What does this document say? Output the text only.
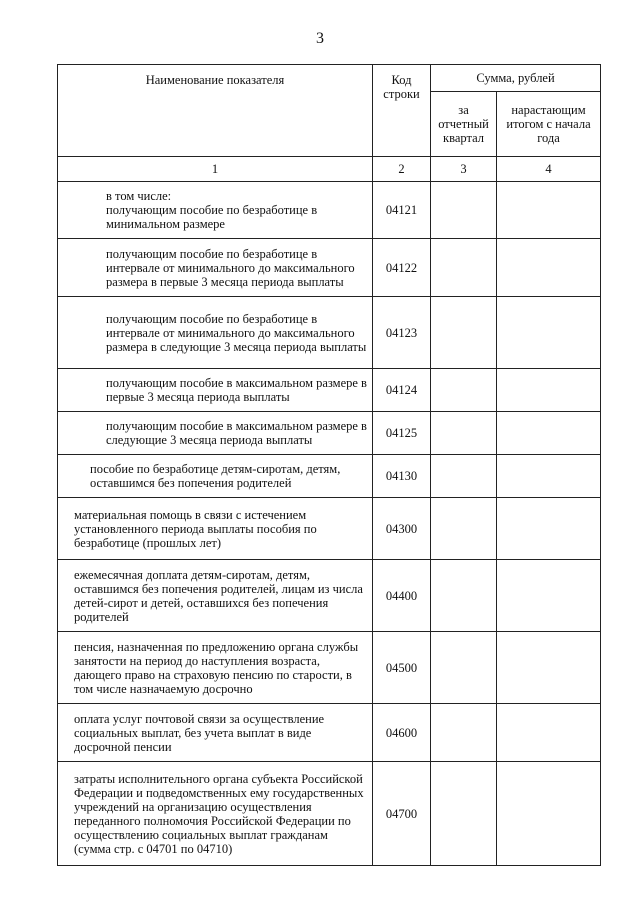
3
Наименование показателя	Код строки	Сумма, рублей	
		за отчетный квартал	нарастающим итогом с начала года
1	2	3	4

в том числе:
получающим пособие по безработице в минимальном размере	04121		

получающим пособие по безработице в интервале от минимального до максимального размера в первые 3 месяца периода выплаты	04122		

получающим пособие по безработице в интервале от минимального до максимального размера в следующие 3 месяца периода выплаты	04123		

получающим пособие в максимальном размере в первые 3 месяца периода выплаты	04124		

получающим пособие в максимальном размере в следующие 3 месяца периода выплаты	04125		

пособие по безработице детям-сиротам, детям, оставшимся без попечения родителей	04130		

материальная помощь в связи с истечением установленного периода выплаты пособия по безработице (прошлых лет)	04300		

ежемесячная доплата детям-сиротам, детям, оставшимся без попечения родителей, лицам из числа детей-сирот и детей, оставшихся без попечения родителей	04400		

пенсия, назначенная по предложению органа службы занятости на период до наступления возраста, дающего право на страховую пенсию по старости, в том числе назначаемую досрочно	04500		

оплата услуг почтовой связи за осуществление социальных выплат, без учета выплат в виде досрочной пенсии	04600		

затраты исполнительного органа субъекта Российской Федерации и подведомственных ему государственных учреждений на организацию осуществления переданного полномочия Российской Федерации по осуществлению социальных выплат гражданам (сумма стр. с 04701 по 04710)	04700		
